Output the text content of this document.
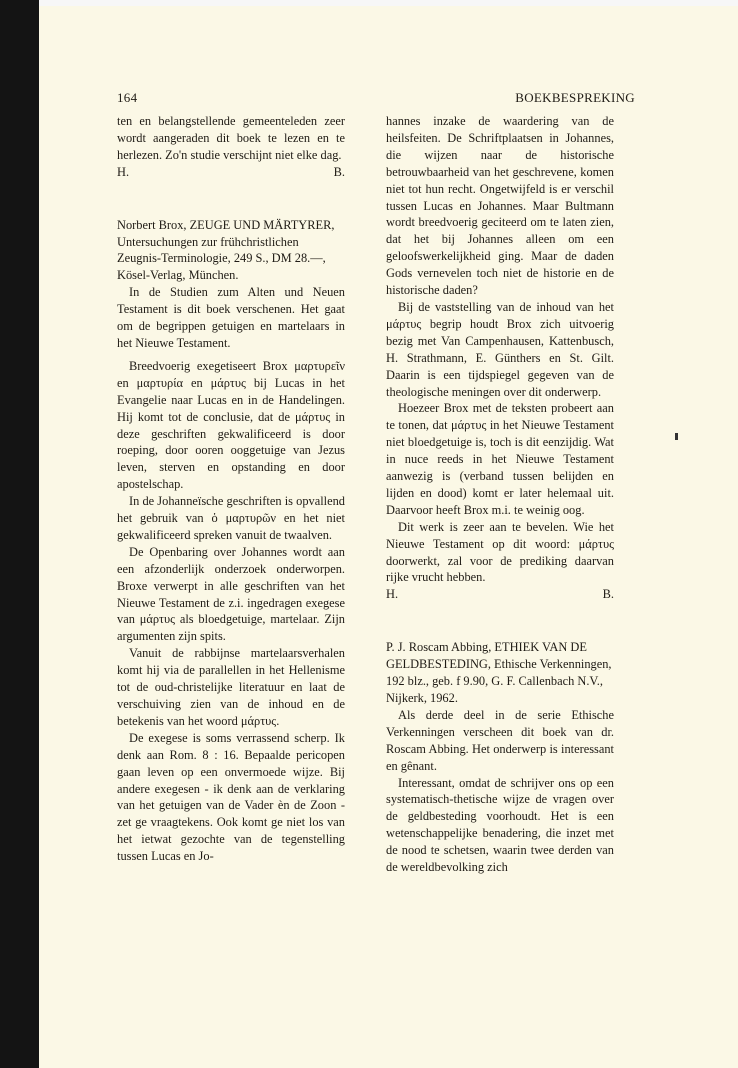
164	BOEKBESPREKING

ten en belangstellende gemeenteleden zeer wordt aangeraden dit boek te lezen en te herlezen. Zo'n studie verschijnt niet elke dag.

H.	B.

Norbert Brox, ZEUGE UND MÄRTYRER, Untersuchungen zur frühchristlichen Zeugnis-Terminologie, 249 S., DM 28.—, Kösel-Verlag, München.

In de Studien zum Alten und Neuen Testament is dit boek verschenen. Het gaat om de begrippen getuigen en martelaars in het Nieuwe Testament.

Breedvoerig exegetiseert Brox μαρτυρεῖν en μαρτυρία en μάρτυς bij Lucas in het Evangelie naar Lucas en in de Handelingen. Hij komt tot de conclusie, dat de μάρτυς in deze geschriften gekwalificeerd is door roeping, door ooren ooggetuige van Jezus leven, sterven en opstanding en door apostelschap.

In de Johanneïsche geschriften is opvallend het gebruik van ὁ μαρτυρῶν en het niet gekwalificeerd spreken vanuit de twaalven.

De Openbaring over Johannes wordt aan een afzonderlijk onderzoek onderworpen. Broxe verwerpt in alle geschriften van het Nieuwe Testament de z.i. ingedragen exegese van μάρτυς als bloedgetuige, martelaar. Zijn argumenten zijn spits.

Vanuit de rabbijnse martelaarsverhalen komt hij via de parallellen in het Hellenisme tot de oud-christelijke literatuur en laat de verschuiving zien van de inhoud en de betekenis van het woord μάρτυς.

De exegese is soms verrassend scherp. Ik denk aan Rom. 8 : 16. Bepaalde pericopen gaan leven op een onvermoede wijze. Bij andere exegesen - ik denk aan de verklaring van het getuigen van de Vader èn de Zoon - zet ge vraagtekens. Ook komt ge niet los van het ietwat gezochte van de tegenstelling tussen Lucas en Jo-

hannes inzake de waardering van de heilsfeiten. De Schriftplaatsen in Johannes, die wijzen naar de historische betrouwbaarheid van het geschrevene, komen niet tot hun recht. Ongetwijfeld is er verschil tussen Lucas en Johannes. Maar Bultmann wordt breedvoerig geciteerd om te laten zien, dat het bij Johannes alleen om een geloofswerkelijkheid ging. Maar de daden Gods vernevelen toch niet de historie en de historische daden?

Bij de vaststelling van de inhoud van het μάρτυς begrip houdt Brox zich uitvoerig bezig met Van Campenhausen, Kattenbusch, H. Strathmann, E. Günthers en St. Gilt. Daarin is een tijdspiegel gegeven van de theologische meningen over dit onderwerp.

Hoezeer Brox met de teksten probeert aan te tonen, dat μάρτυς in het Nieuwe Testament niet bloedgetuige is, toch is dit eenzijdig. Wat in nuce reeds in het Nieuwe Testament aanwezig is (verband tussen belijden en lijden en dood) komt er later helemaal uit. Daarvoor heeft Brox m.i. te weinig oog.

Dit werk is zeer aan te bevelen. Wie het Nieuwe Testament op dit woord: μάρτυς doorwerkt, zal voor de prediking daarvan rijke vrucht hebben.

H.	B.

P. J. Roscam Abbing, ETHIEK VAN DE GELDBESTEDING, Ethische Verkenningen, 192 blz., geb. f 9.90, G. F. Callenbach N.V., Nijkerk, 1962.

Als derde deel in de serie Ethische Verkenningen verscheen dit boek van dr. Roscam Abbing. Het onderwerp is interessant en gênant.

Interessant, omdat de schrijver ons op een systematisch-thetische wijze de vragen over de geldbesteding voorhoudt. Het is een wetenschappelijke benadering, die inzet met de nood te schetsen, waarin twee derden van de wereldbevolking zich
